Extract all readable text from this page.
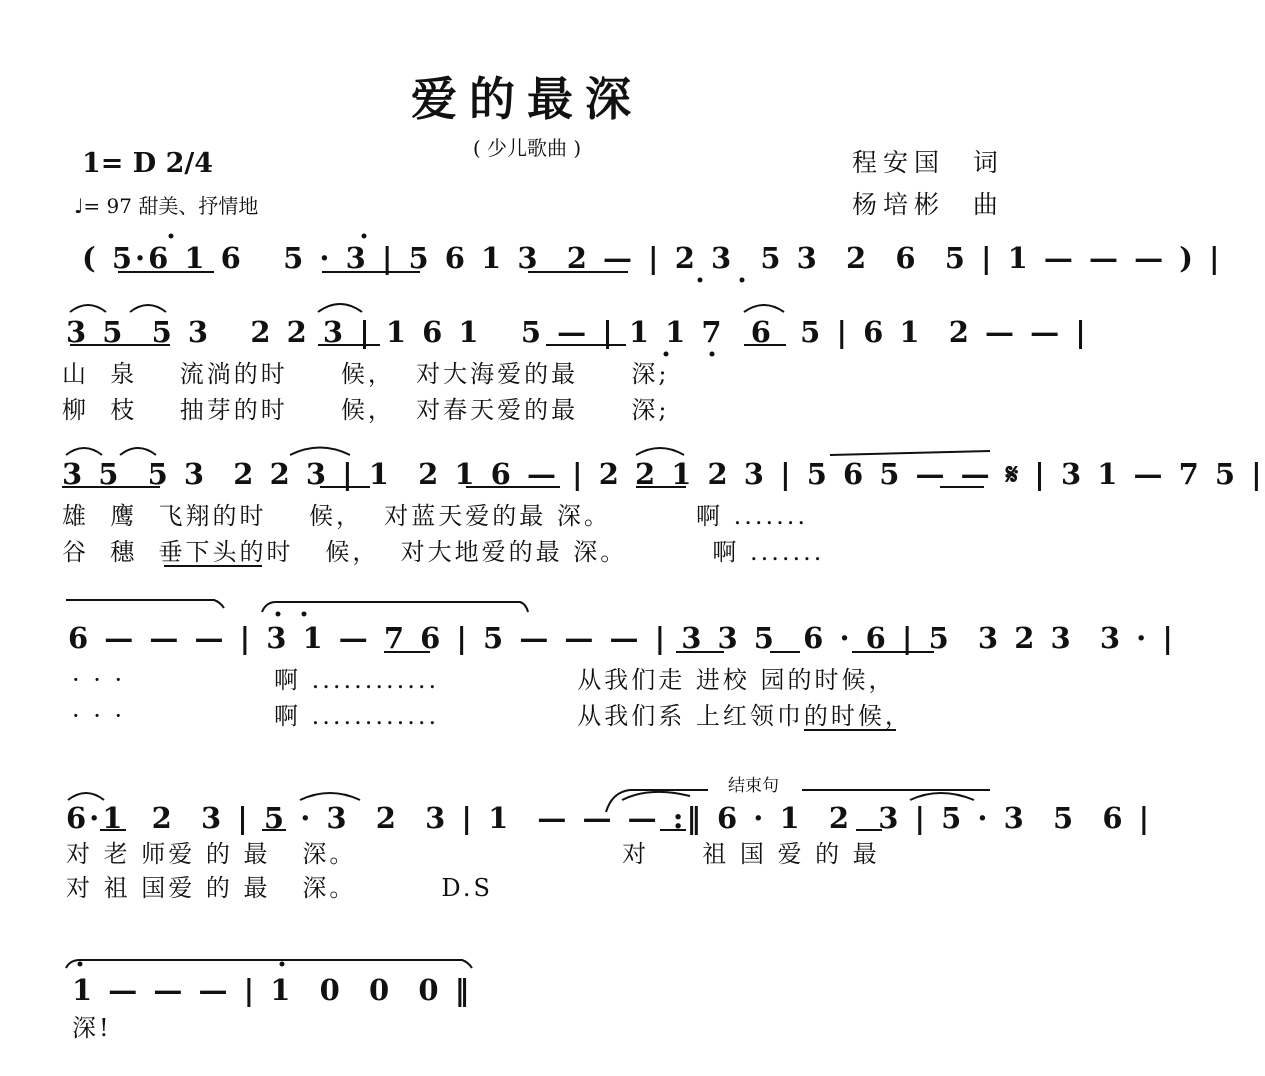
爱的最深
( 少儿歌曲 )
1= D 2/4
♩= 97 甜美、抒情地
程安国  词
杨培彬  曲
( 5·6 1 6   5 · 3 | 5 6 1 3  2 — | 2 3  5 3  2  6  5 | 1 — — — ) |
3 5  5 3   2 2 3 | 1 6 1   5 — | 1 1 7  6  5 | 6 1  2 — — |
山  泉    流淌的时     候，  对大海爱的最     深;
柳  枝    抽芽的时     候，  对春天爱的最     深;
3 5  5 3  2 2 3 | 1  2 1 6 — | 2 2 1 2 3 | 5 6 5 — — 𝄋 | 3 1 — 7 5 |
雄  鹰  飞翔的时    候，  对蓝天爱的最 深。        啊 .......
谷  穗  垂下头的时   候，  对大地爱的最 深。        啊 .......
6 — — — | 3 1 — 7 6 | 5 — — — | 3 3 5  6 · 6 | 5  3 2 3  3 · |
· · ·              啊 ............             从我们走 进校 园的时候，
· · ·              啊 ............             从我们系 上红领巾的时候，
结束句
6·1  2  3 | 5 · 3  2  3 | 1  — — — :‖ 6 · 1  2  3 | 5 · 3  5  6 |
对 老 师爱 的 最   深。                         对     祖 国 爱 的 最
对 祖 国爱 的 最   深。        D.S
1 — — — | 1  0  0  0 ‖
深!
